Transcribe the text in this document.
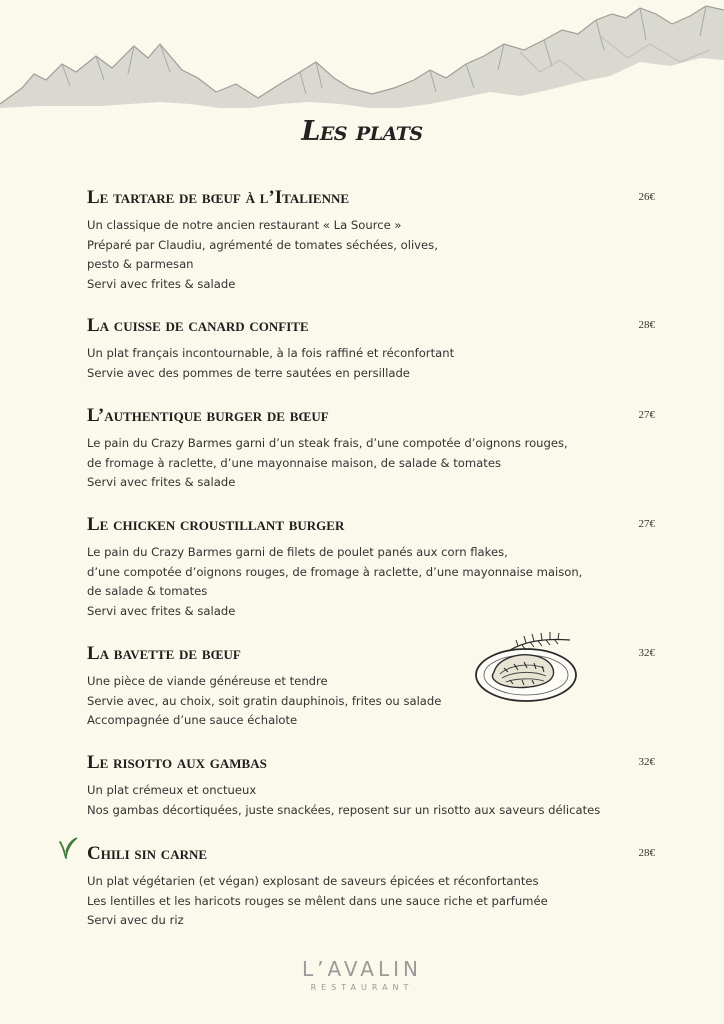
Les plats
Le tartare de bœuf à l’Italienne	26€
Un classique de notre ancien restaurant « La Source »
Préparé par Claudiu, agrémenté de tomates séchées, olives,
pesto & parmesan
Servi avec frites & salade
La cuisse de canard confite	28€
Un plat français incontournable, à la fois raffiné et réconfortant
Servie avec des pommes de terre sautées en persillade
L’authentique burger de bœuf	27€
Le pain du Crazy Barmes garni d’un steak frais, d’une compotée d’oignons rouges,
de fromage à raclette, d’une mayonnaise maison, de salade & tomates
Servi avec frites & salade
Le chicken croustillant burger	27€
Le pain du Crazy Barmes garni de filets de poulet panés aux corn flakes,
d’une compotée d’oignons rouges, de fromage à raclette, d’une mayonnaise maison,
de salade & tomates
Servi avec frites & salade
La bavette de bœuf	32€
Une pièce de viande généreuse et tendre
Servie avec, au choix, soit gratin dauphinois, frites ou salade
Accompagnée d’une sauce échalote
Le risotto aux gambas	32€
Un plat crémeux et onctueux
Nos gambas décortiquées, juste snackées, reposent sur un risotto aux saveurs délicates
Chili sin carne	28€
Un plat végétarien (et végan) explosant de saveurs épicées et réconfortantes
Les lentilles et les haricots rouges se mêlent dans une sauce riche et parfumée
Servi avec du riz
L’AVALIN
RESTAURANT
